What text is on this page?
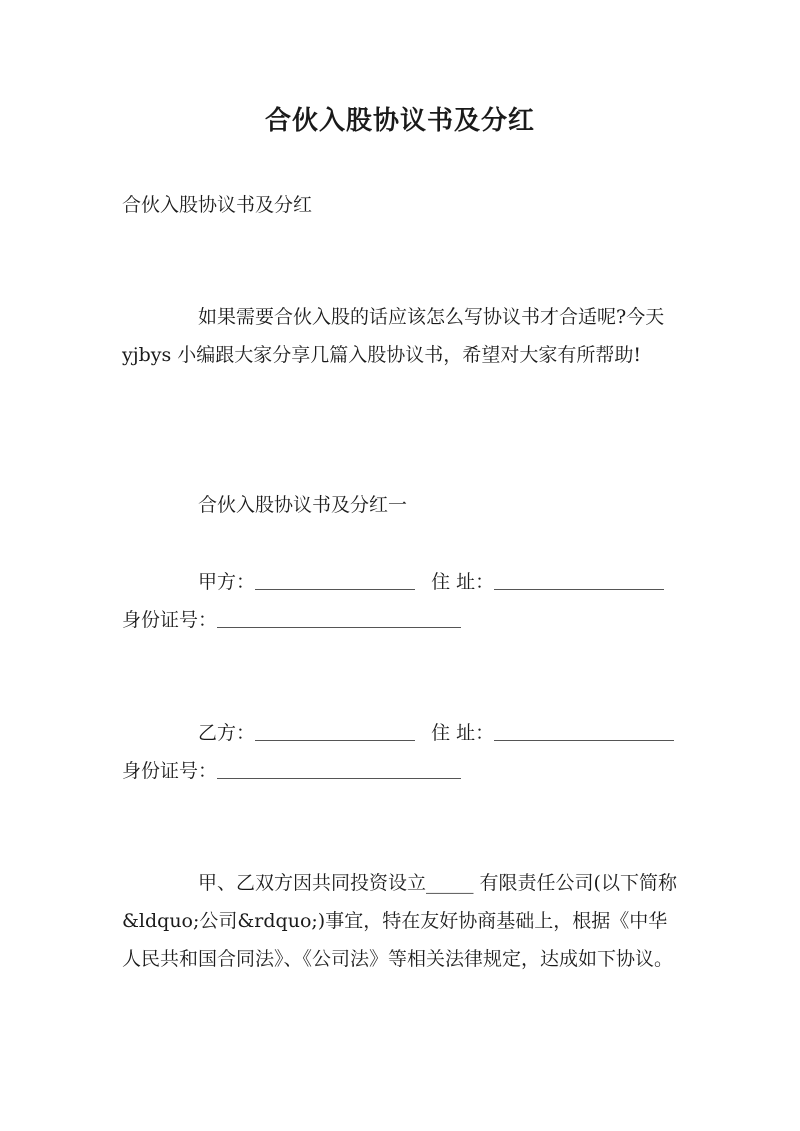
合伙入股协议书及分红
合伙入股协议书及分红
如果需要合伙入股的话应该怎么写协议书才合适呢?今天 yjbys 小编跟大家分享几篇入股协议书，希望对大家有所帮助!
合伙入股协议书及分红一
甲方：	住 址：
身份证号：
乙方：	住 址：
身份证号：
甲、乙双方因共同投资设立_____ 有限责任公司(以下简称&ldquo;公司&rdquo;)事宜，特在友好协商基础上，根据《中华人民共和国合同法》、《公司法》等相关法律规定，达成如下协议。
